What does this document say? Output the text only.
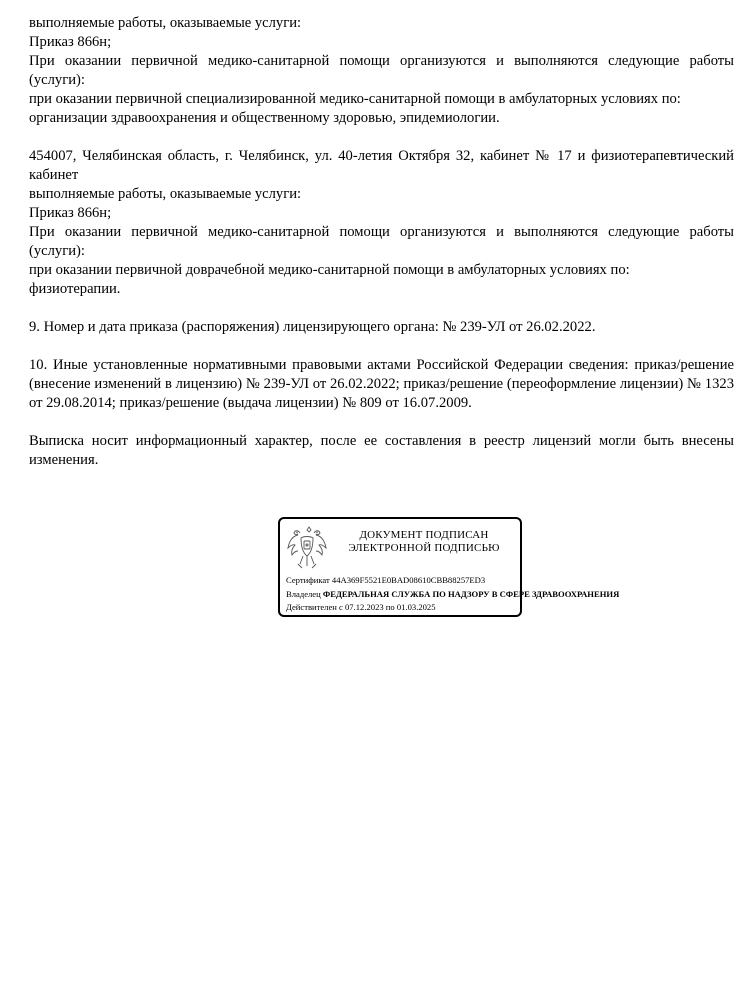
выполняемые работы, оказываемые услуги:
Приказ 866н;
При оказании первичной медико-санитарной помощи организуются и выполняются следующие работы (услуги):
при оказании первичной специализированной медико-санитарной помощи в амбулаторных условиях по:
организации здравоохранения и общественному здоровью, эпидемиологии.
454007, Челябинская область, г. Челябинск, ул. 40-летия Октября 32, кабинет № 17 и физиотерапевтический кабинет
выполняемые работы, оказываемые услуги:
Приказ 866н;
При оказании первичной медико-санитарной помощи организуются и выполняются следующие работы (услуги):
при оказании первичной доврачебной медико-санитарной помощи в амбулаторных условиях по:
физиотерапии.
9. Номер и дата приказа (распоряжения) лицензирующего органа: № 239-УЛ от 26.02.2022.
10. Иные установленные нормативными правовыми актами Российской Федерации сведения: приказ/решение (внесение изменений в лицензию) № 239-УЛ от 26.02.2022; приказ/решение (переоформление лицензии) № 1323 от 29.08.2014; приказ/решение (выдача лицензии) № 809 от 16.07.2009.
Выписка носит информационный характер, после ее составления в реестр лицензий могли быть внесены изменения.
ДОКУМЕНТ ПОДПИСАН
ЭЛЕКТРОННОЙ ПОДПИСЬЮ
Сертификат 44A369F5521E0BAD08610CBB88257ED3
Владелец ФЕДЕРАЛЬНАЯ СЛУЖБА ПО НАДЗОРУ В СФЕРЕ ЗДРАВООХРАНЕНИЯ
Действителен с 07.12.2023 по 01.03.2025
